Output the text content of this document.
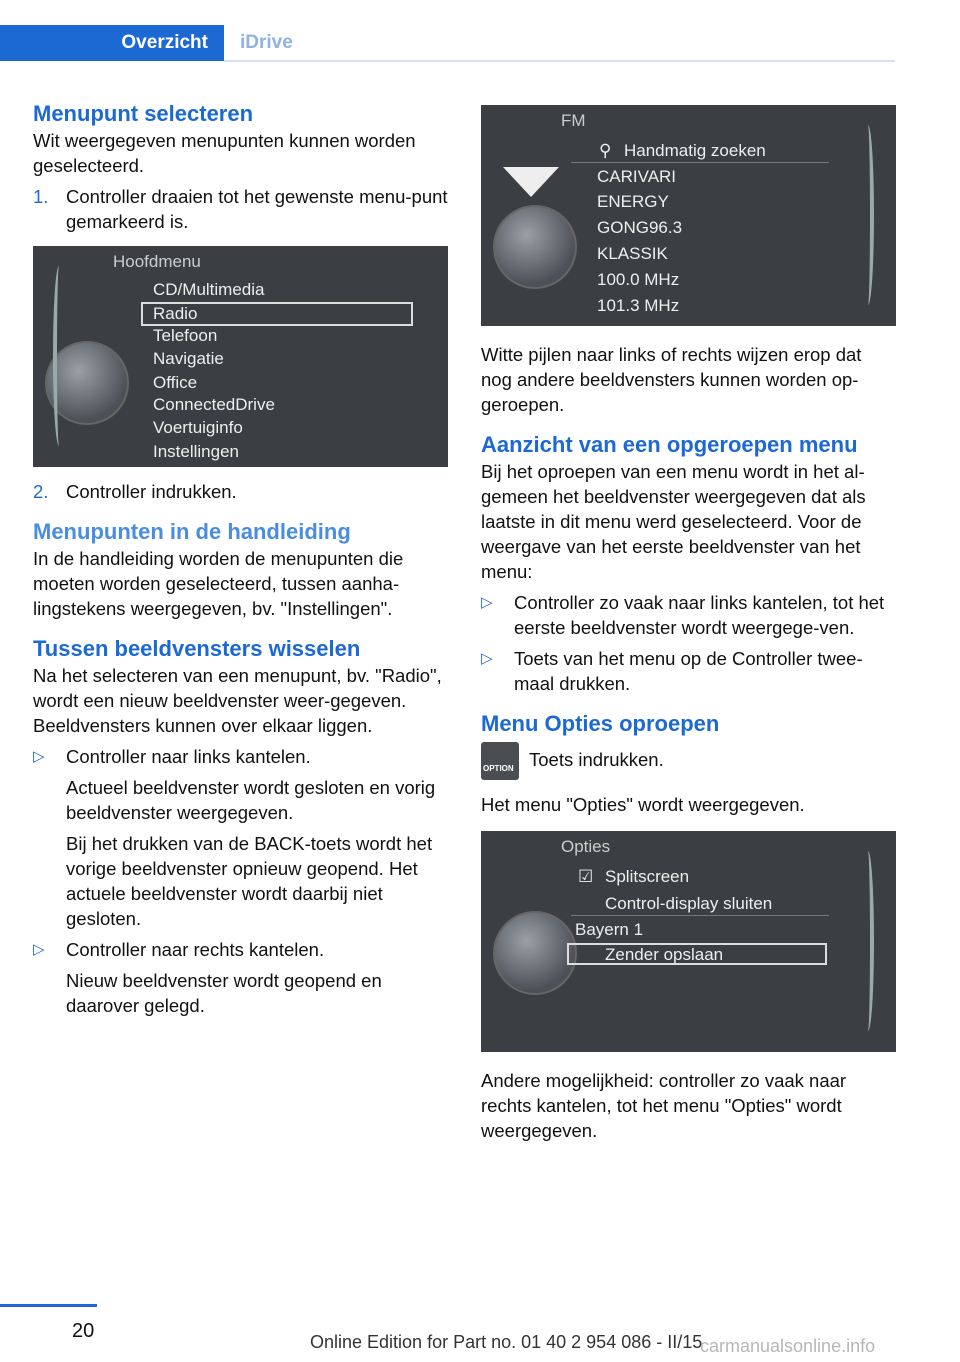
Overzicht	iDrive
Menupunt selecteren

Wit weergegeven menupunten kunnen worden geselecteerd.

1. Controller draaien tot het gewenste menu-punt gemarkeerd is.
Hoofdmenu
CD/Multimedia
Radio
Telefoon
Navigatie
Office
ConnectedDrive
Voertuiginfo
Instellingen
2. Controller indrukken.
Menupunten in de handleiding

In de handleiding worden de menupunten die moeten worden geselecteerd, tussen aanha-lingstekens weergegeven, bv. "Instellingen".

Tussen beeldvensters wisselen

Na het selecteren van een menupunt, bv. "Radio", wordt een nieuw beeldvenster weer-gegeven. Beeldvensters kunnen over elkaar liggen.

▷ Controller naar links kantelen.
Actueel beeldvenster wordt gesloten en vorig beeldvenster weergegeven.
Bij het drukken van de BACK-toets wordt het vorige beeldvenster opnieuw geopend. Het actuele beeldvenster wordt daarbij niet gesloten.
▷ Controller naar rechts kantelen.
Nieuw beeldvenster wordt geopend en daarover gelegd.
FM
⚲ Handmatig zoeken
CARIVARI
ENERGY
GONG96.3
KLASSIK
100.0 MHz
101.3 MHz

Witte pijlen naar links of rechts wijzen erop dat nog andere beeldvensters kunnen worden op-geroepen.

Aanzicht van een opgeroepen menu

Bij het oproepen van een menu wordt in het al-gemeen het beeldvenster weergegeven dat als laatste in dit menu werd geselecteerd. Voor de weergave van het eerste beeldvenster van het menu:

▷ Controller zo vaak naar links kantelen, tot het eerste beeldvenster wordt weergege-ven.
▷ Toets van het menu op de Controller twee-maal drukken.
Menu Opties oproepen

OPTION Toets indrukken.

Het menu "Opties" wordt weergegeven.

Opties
☑ Splitscreen
Control-display sluiten
Bayern 1
Zender opslaan

Andere mogelijkheid: controller zo vaak naar rechts kantelen, tot het menu "Opties" wordt weergegeven.

20	Online Edition for Part no. 01 40 2 954 086 - II/15
carmanualsonline.info
